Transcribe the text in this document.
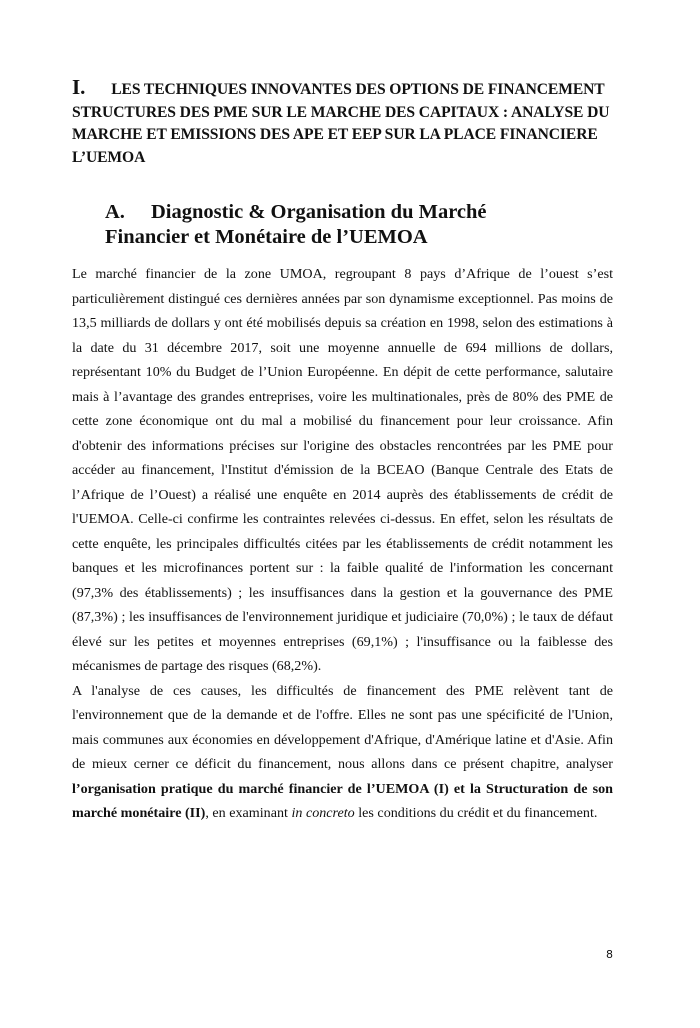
I. LES TECHNIQUES INNOVANTES DES OPTIONS DE FINANCEMENT STRUCTURES DES PME SUR LE MARCHE DES CAPITAUX : ANALYSE DU MARCHE ET EMISSIONS DES APE ET EEP SUR LA PLACE FINANCIERE L’UEMOA
A. Diagnostic & Organisation du Marché
Financier et Monétaire de l’UEMOA

Le marché financier de la zone UMOA, regroupant 8 pays d’Afrique de l’ouest s’est particulièrement distingué ces dernières années par son dynamisme exceptionnel. Pas moins de 13,5 milliards de dollars y ont été mobilisés depuis sa création en 1998, selon des estimations à la date du 31 décembre 2017, soit une moyenne annuelle de 694 millions de dollars, représentant 10% du Budget de l’Union Européenne. En dépit de cette performance, salutaire mais à l’avantage des grandes entreprises, voire les multinationales, près de 80% des PME de cette zone économique ont du mal a mobilisé du financement pour leur croissance. Afin d'obtenir des informations précises sur l'origine des obstacles rencontrées par les PME pour accéder au financement, l'Institut d'émission de la BCEAO (Banque Centrale des Etats de l’Afrique de l’Ouest) a réalisé une enquête en 2014 auprès des établissements de crédit de l'UEMOA. Celle-ci confirme les contraintes relevées ci-dessus. En effet, selon les résultats de cette enquête, les principales difficultés citées par les établissements de crédit notamment les banques et les microfinances portent sur : la faible qualité de l'information les concernant (97,3% des établissements) ; les insuffisances dans la gestion et la gouvernance des PME (87,3%) ; les insuffisances de l'environnement juridique et judiciaire (70,0%) ; le taux de défaut élevé sur les petites et moyennes entreprises (69,1%) ; l'insuffisance ou la faiblesse des mécanismes de partage des risques (68,2%).

A l'analyse de ces causes, les difficultés de financement des PME relèvent tant de l'environnement que de la demande et de l'offre. Elles ne sont pas une spécificité de l'Union, mais communes aux économies en développement d'Afrique, d'Amérique latine et d'Asie. Afin de mieux cerner ce déficit du financement, nous allons dans ce présent chapitre, analyser l’organisation pratique du marché financier de l’UEMOA (I) et la Structuration de son marché monétaire (II), en examinant in concreto les conditions du crédit et du financement.

8
